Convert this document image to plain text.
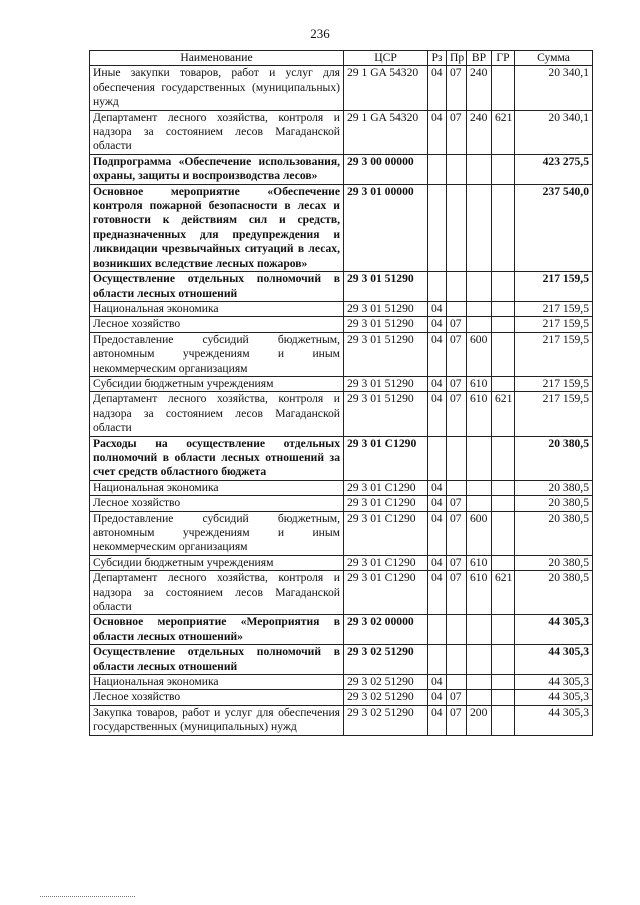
236
Наименование	ЦСР	Рз	Пр	ВР	ГР	Сумма
Иные закупки товаров, работ и услуг для обеспечения государственных (муниципальных) нужд	29 1 GA 54320	04	07	240		20 340,1
Департамент лесного хозяйства, контроля и надзора за состоянием лесов Магаданской области	29 1 GA 54320	04	07	240	621	20 340,1
Подпрограмма «Обеспечение использования, охраны, защиты и воспроизводства лесов»	29 3 00 00000					423 275,5
Основное мероприятие «Обеспечение контроля пожарной безопасности в лесах и готовности к действиям сил и средств, предназначенных для предупреждения и ликвидации чрезвычайных ситуаций в лесах, возникших вследствие лесных пожаров»	29 3 01 00000					237 540,0
Осуществление отдельных полномочий в области лесных отношений	29 3 01 51290					217 159,5
Национальная экономика	29 3 01 51290	04				217 159,5
Лесное хозяйство	29 3 01 51290	04	07			217 159,5
Предоставление субсидий бюджетным, автономным учреждениям и иным некоммерческим организациям	29 3 01 51290	04	07	600		217 159,5
Субсидии бюджетным учреждениям	29 3 01 51290	04	07	610		217 159,5
Департамент лесного хозяйства, контроля и надзора за состоянием лесов Магаданской области	29 3 01 51290	04	07	610	621	217 159,5
Расходы на осуществление отдельных полномочий в области лесных отношений за счет средств областного бюджета	29 3 01 C1290					20 380,5
Национальная экономика	29 3 01 C1290	04				20 380,5
Лесное хозяйство	29 3 01 C1290	04	07			20 380,5
Предоставление субсидий бюджетным, автономным учреждениям и иным некоммерческим организациям	29 3 01 C1290	04	07	600		20 380,5
Субсидии бюджетным учреждениям	29 3 01 C1290	04	07	610		20 380,5
Департамент лесного хозяйства, контроля и надзора за состоянием лесов Магаданской области	29 3 01 C1290	04	07	610	621	20 380,5
Основное мероприятие «Мероприятия в области лесных отношений»	29 3 02 00000					44 305,3
Осуществление отдельных полномочий в области лесных отношений	29 3 02 51290					44 305,3
Национальная экономика	29 3 02 51290	04				44 305,3
Лесное хозяйство	29 3 02 51290	04	07			44 305,3
Закупка товаров, работ и услуг для обеспечения государственных (муниципальных) нужд	29 3 02 51290	04	07	200		44 305,3
